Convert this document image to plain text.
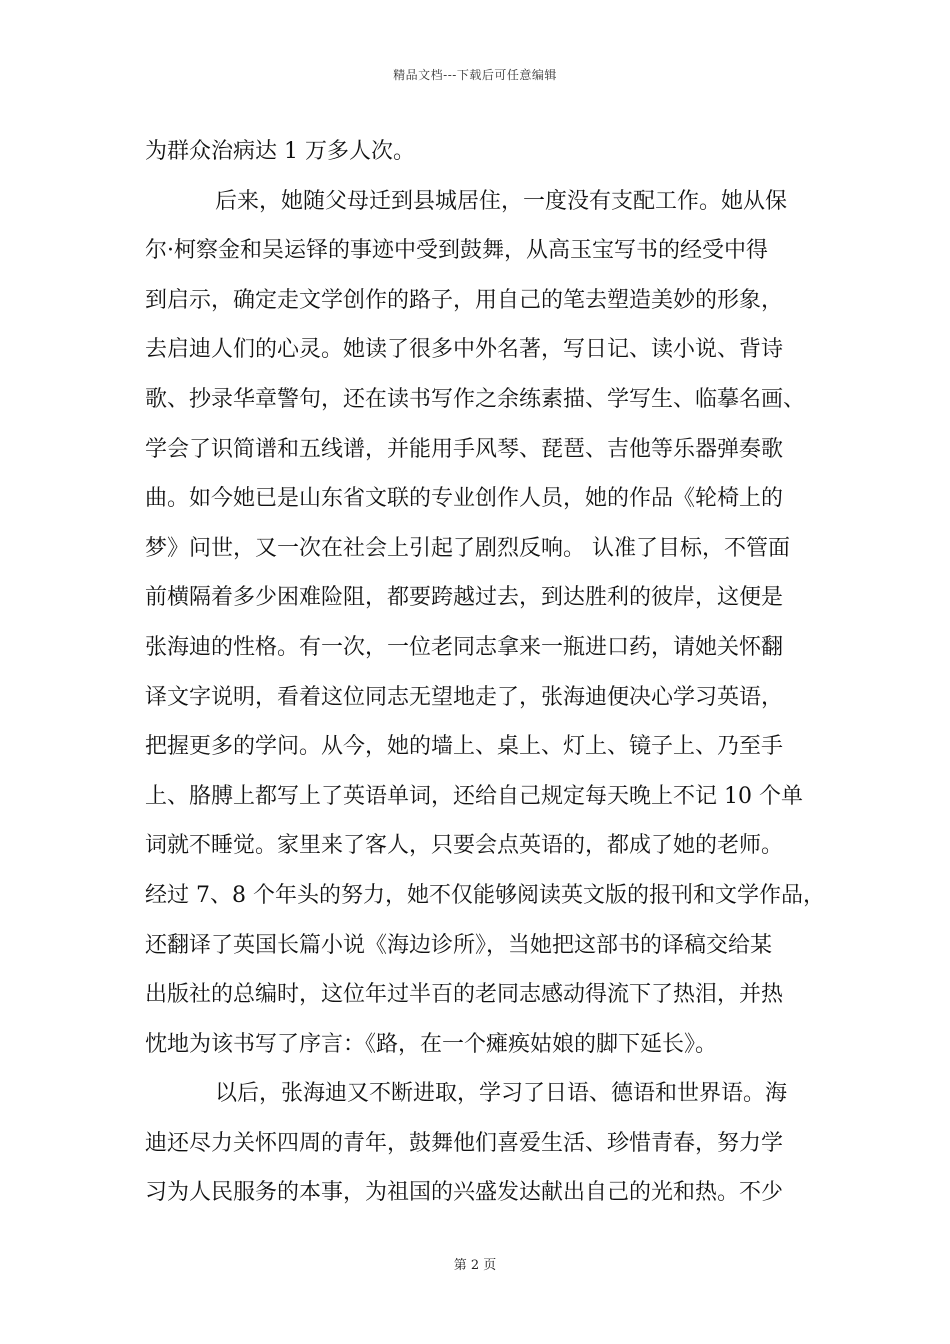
精品文档---下载后可任意编辑
为群众治病达 1 万多人次。
后来，她随父母迁到县城居住，一度没有支配工作。她从保
尔·柯察金和吴运铎的事迹中受到鼓舞，从高玉宝写书的经受中得
到启示，确定走文学创作的路子，用自己的笔去塑造美妙的形象，
去启迪人们的心灵。她读了很多中外名著，写日记、读小说、背诗
歌、抄录华章警句，还在读书写作之余练素描、学写生、临摹名画、
学会了识简谱和五线谱，并能用手风琴、琵琶、吉他等乐器弹奏歌
曲。如今她已是山东省文联的专业创作人员，她的作品《轮椅上的
梦》问世，又一次在社会上引起了剧烈反响。 认准了目标，不管面
前横隔着多少困难险阻，都要跨越过去，到达胜利的彼岸，这便是
张海迪的性格。有一次，一位老同志拿来一瓶进口药，请她关怀翻
译文字说明，看着这位同志无望地走了，张海迪便决心学习英语，
把握更多的学问。从今，她的墙上、桌上、灯上、镜子上、乃至手
上、胳膊上都写上了英语单词，还给自己规定每天晚上不记 10 个单
词就不睡觉。家里来了客人，只要会点英语的，都成了她的老师。
经过 7、8 个年头的努力，她不仅能够阅读英文版的报刊和文学作品，
还翻译了英国长篇小说《海边诊所》，当她把这部书的译稿交给某
出版社的总编时，这位年过半百的老同志感动得流下了热泪，并热
忱地为该书写了序言：《路，在一个瘫痪姑娘的脚下延长》。
以后，张海迪又不断进取，学习了日语、德语和世界语。海
迪还尽力关怀四周的青年，鼓舞他们喜爱生活、珍惜青春，努力学
习为人民服务的本事，为祖国的兴盛发达献出自己的光和热。不少
第 2 页
